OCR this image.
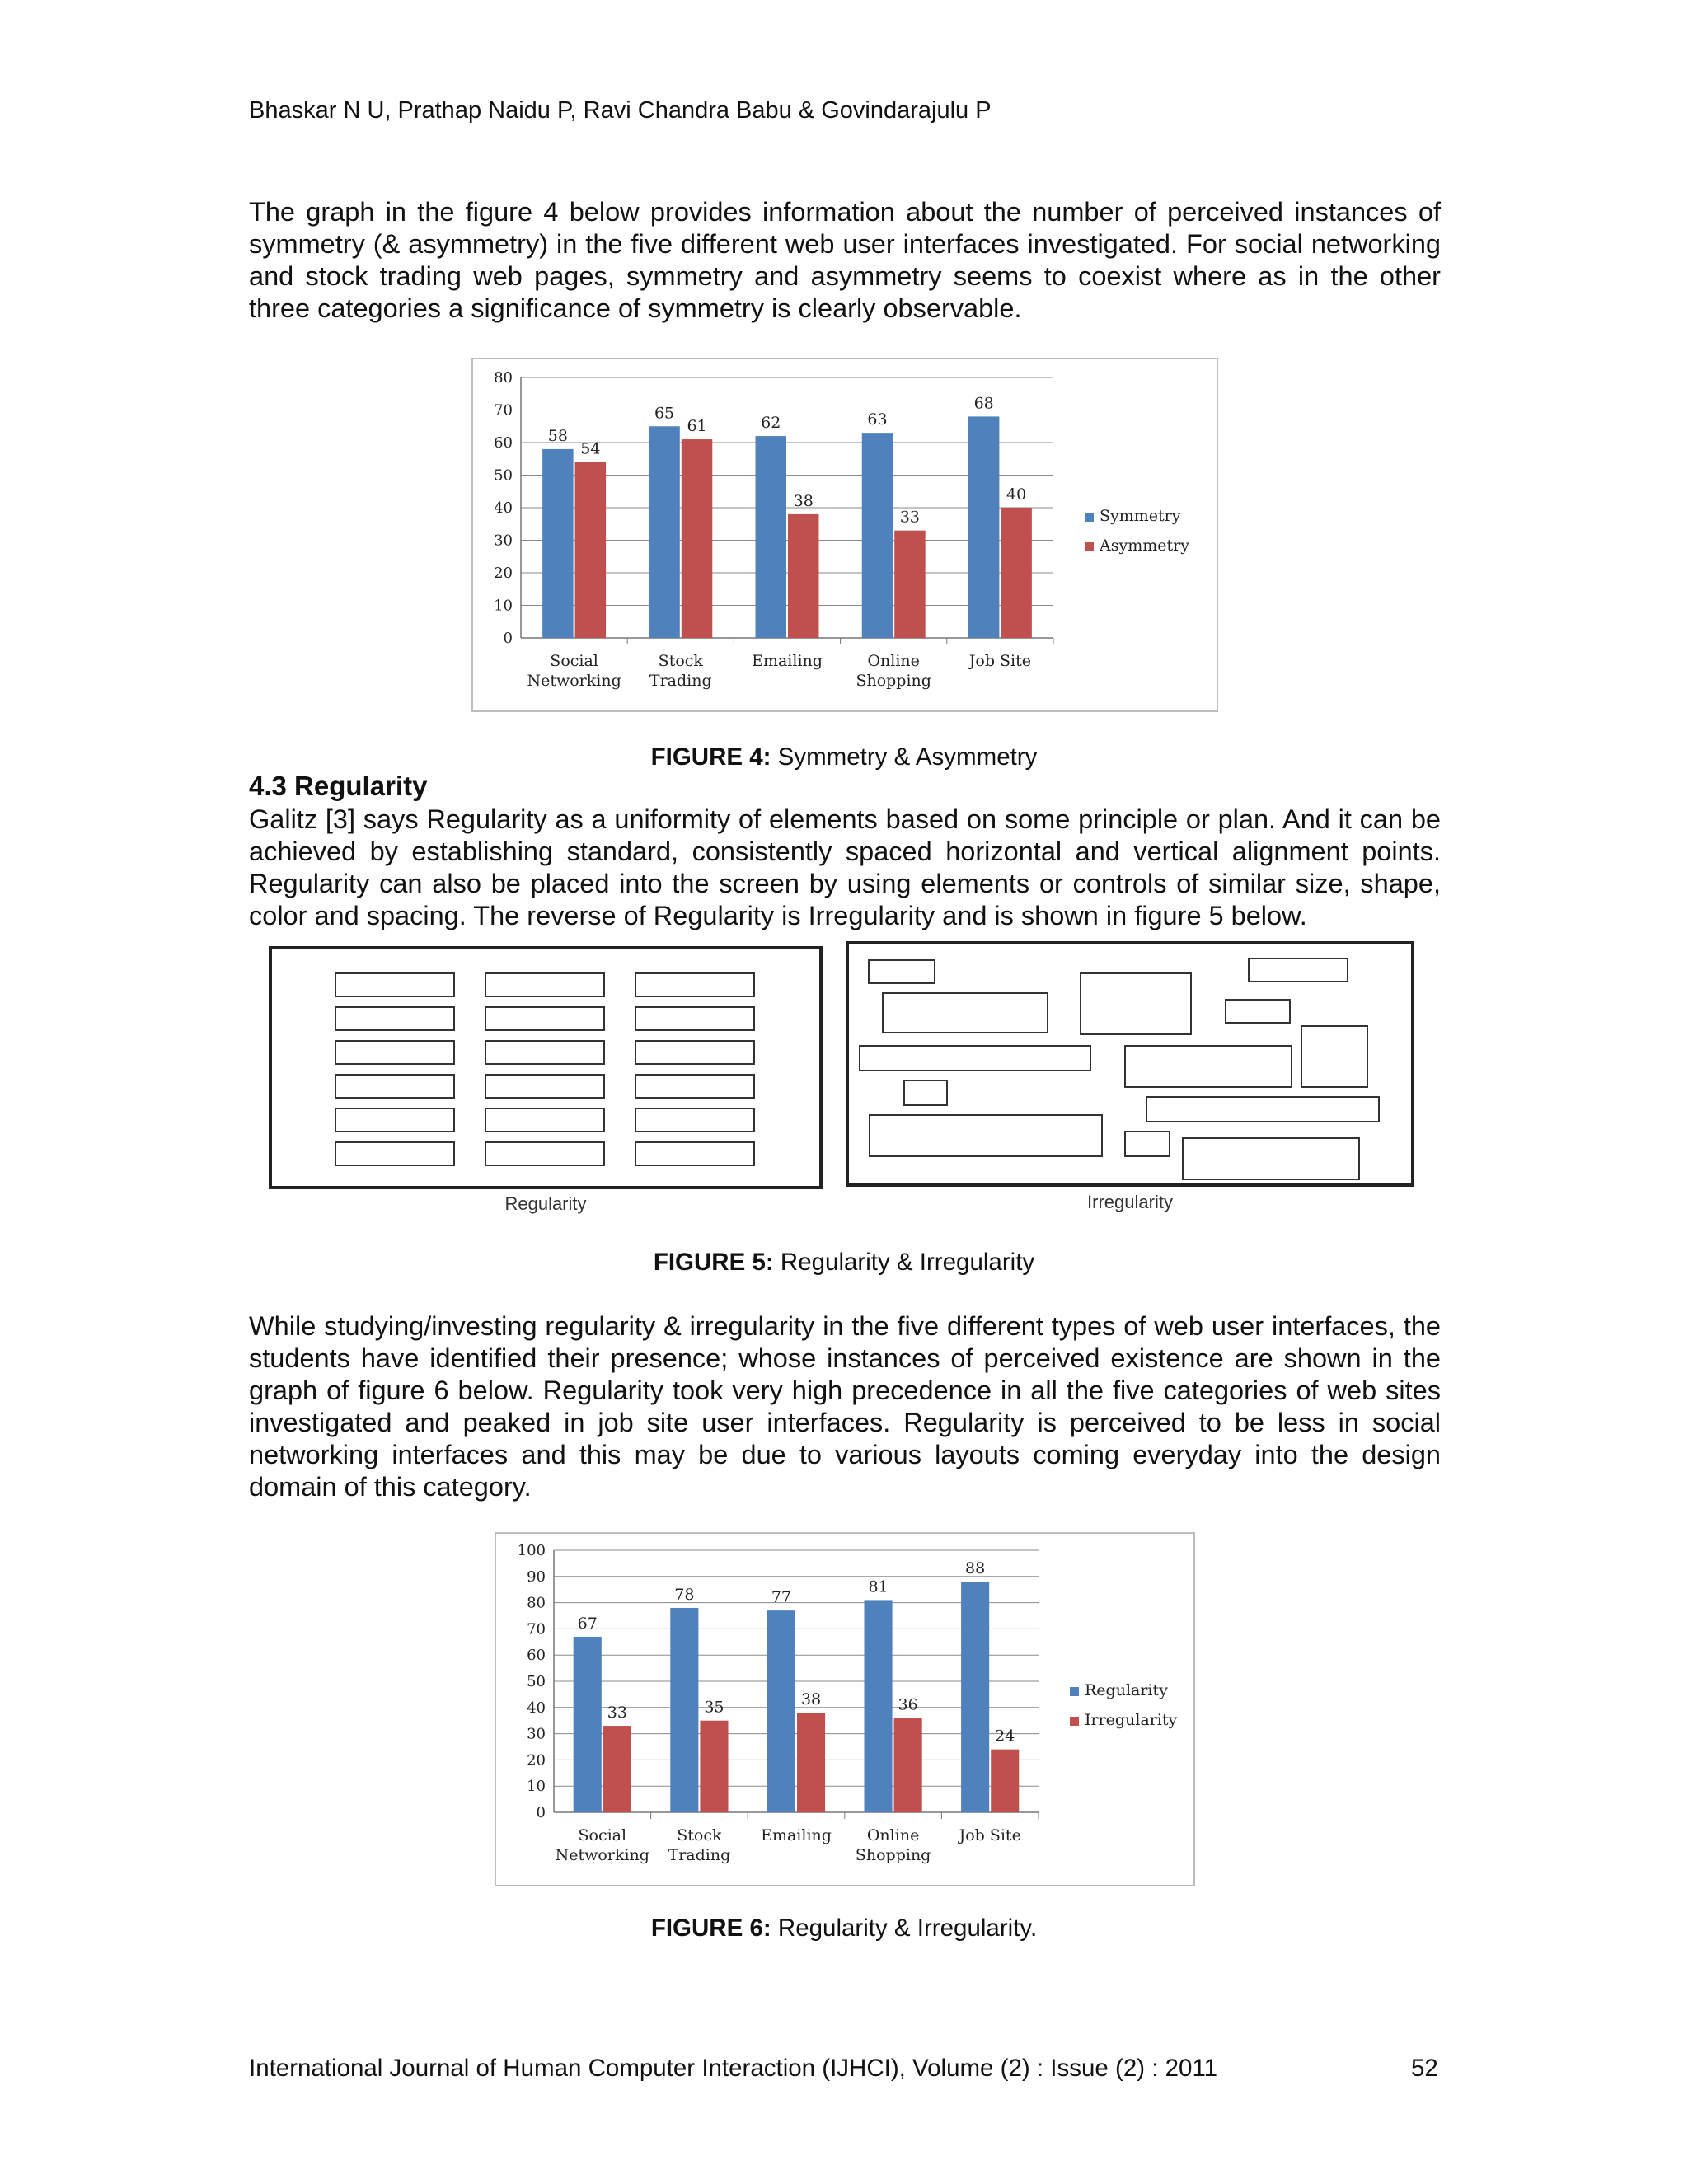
Bhaskar N U, Prathap Naidu P, Ravi Chandra Babu & Govindarajulu P
The graph in the figure 4 below provides information about the number of perceived instances of symmetry (& asymmetry) in the five different web user interfaces investigated. For social networking and stock trading web pages, symmetry and asymmetry seems to coexist where as in the other three categories a significance of symmetry is clearly observable.
0
10
20
30
40
50
60
70
80
58
54
Social
Networking
65
61
Stock
Trading
62
38
Emailing
63
33
Online
Shopping
68
40
Job Site
Symmetry
Asymmetry
FIGURE 4: Symmetry & Asymmetry
4.3 Regularity
Galitz [3] says Regularity as a uniformity of elements based on some principle or plan. And it can be achieved by establishing standard, consistently spaced horizontal and vertical alignment points. Regularity can also be placed into the screen by using elements or controls of similar size, shape, color and spacing. The reverse of Regularity is Irregularity and is shown in figure 5 below.
Regularity	Irregularity
FIGURE 5: Regularity & Irregularity
While studying/investing regularity & irregularity in the five different types of web user interfaces, the students have identified their presence; whose instances of perceived existence are shown in the graph of figure 6 below. Regularity took very high precedence in all the five categories of web sites investigated and peaked in job site user interfaces. Regularity is perceived to be less in social networking interfaces and this may be due to various layouts coming everyday into the design domain of this category.
0
10
20
30
40
50
60
70
80
90
100
67
33
Social
Networking
78
35
Stock
Trading
77
38
Emailing
81
36
Online
Shopping
88
24
Job Site
Regularity
Irregularity
FIGURE 6: Regularity & Irregularity.
International Journal of Human Computer Interaction (IJHCI), Volume (2) : Issue (2) : 2011	52
